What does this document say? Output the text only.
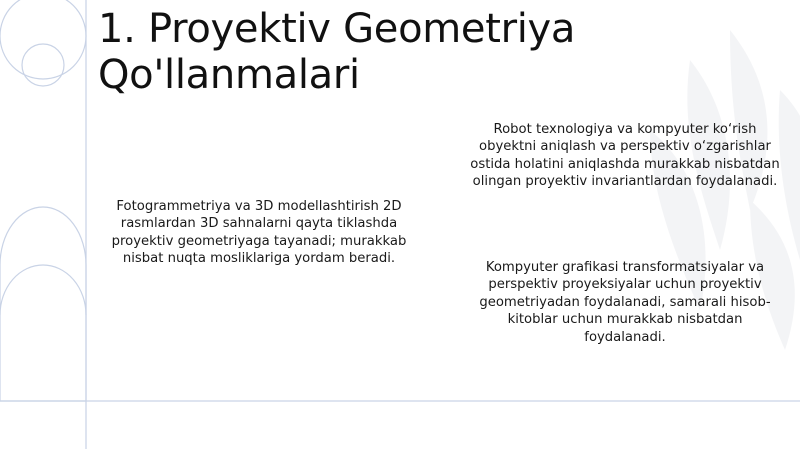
1. Proyektiv Geometriya
Qo'llanmalari

Fotogrammetriya va 3D modellashtirish 2D rasmlardan 3D sahnalarni qayta tiklashda proyektiv geometriyaga tayanadi; murakkab nisbat nuqta mosliklariga yordam beradi.

Robot texnologiya va kompyuter ko‘rish obyektni aniqlash va perspektiv o‘zgarishlar ostida holatini aniqlashda murakkab nisbatdan olingan proyektiv invariantlardan foydalanadi.

Kompyuter grafikasi transformatsiyalar va perspektiv proyeksiyalar uchun proyektiv geometriyadan foydalanadi, samarali hisob-kitoblar uchun murakkab nisbatdan foydalanadi.
